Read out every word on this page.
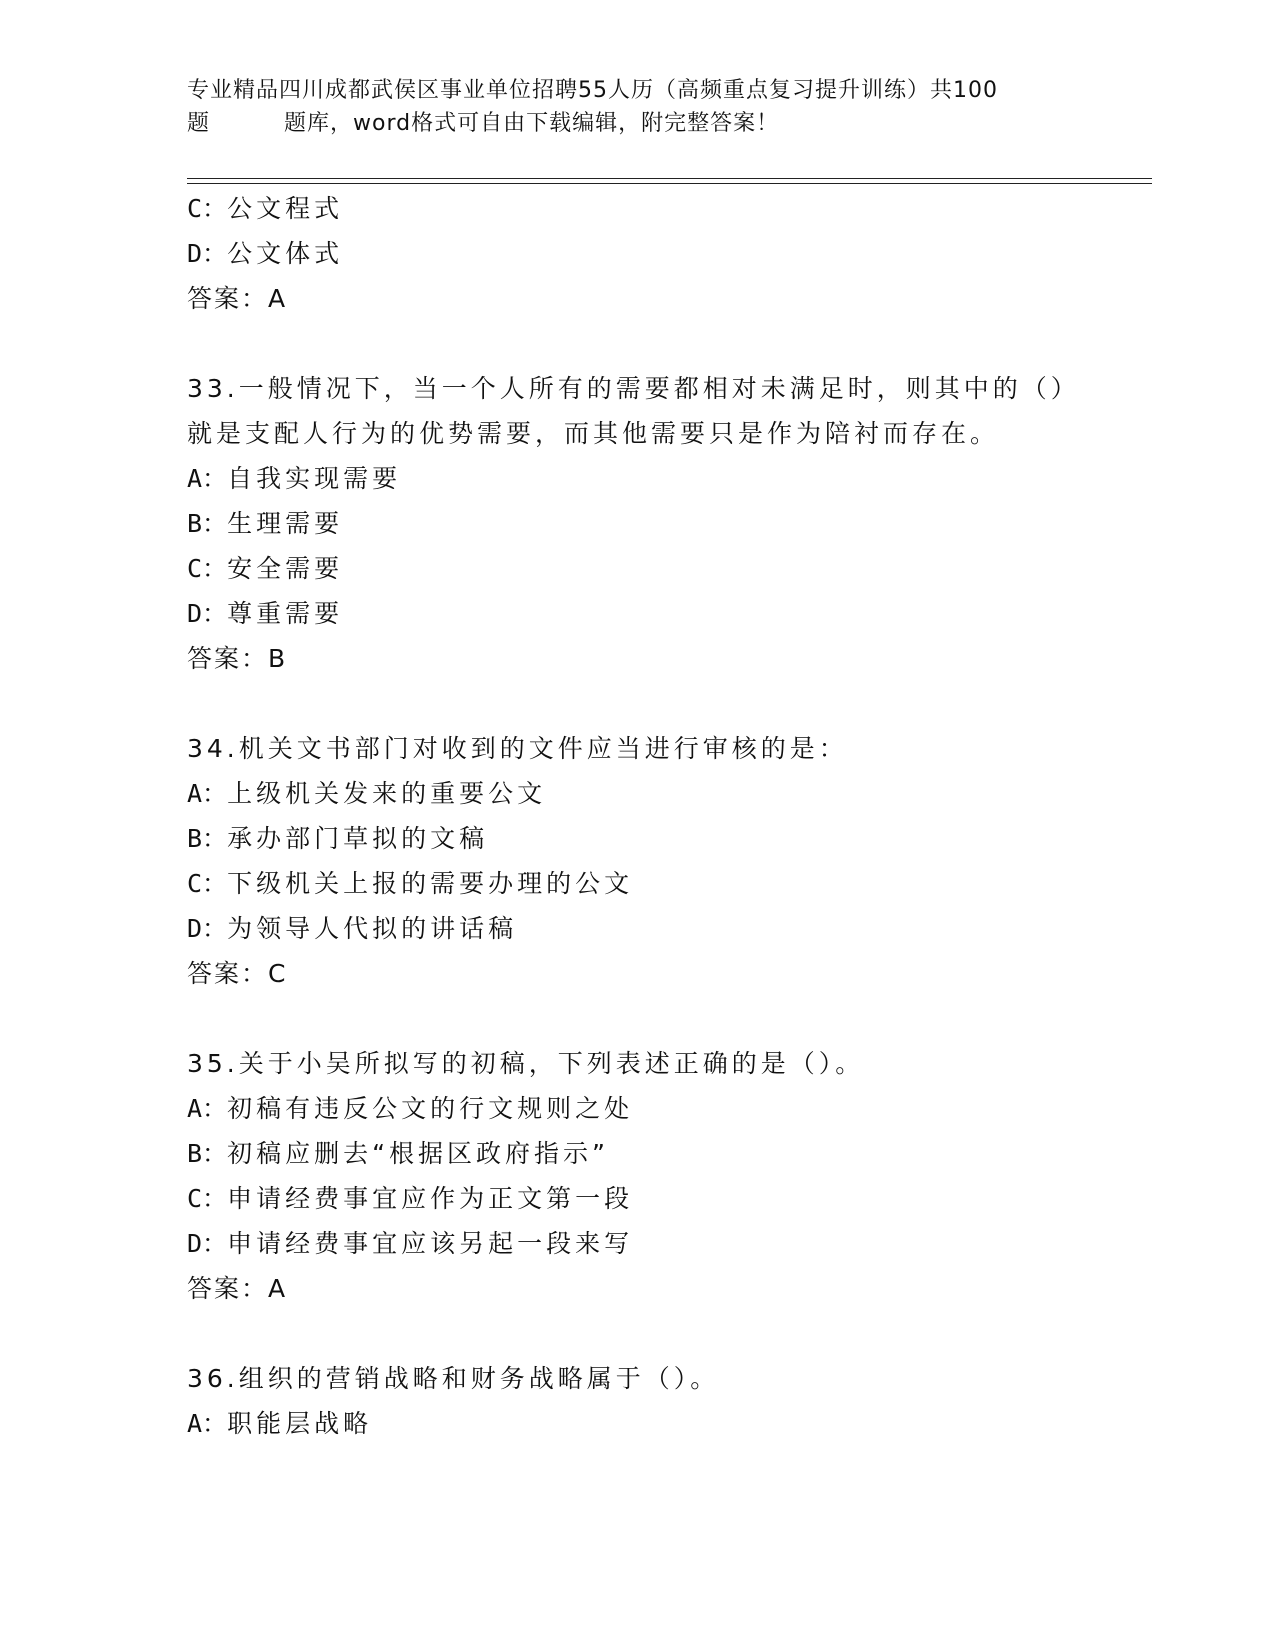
专业精品四川成都武侯区事业单位招聘55人历（高频重点复习提升训练）共100
题	题库，word格式可自由下载编辑，附完整答案！
C：公文程式
D：公文体式
答案：A
33.一般情况下，当一个人所有的需要都相对未满足时，则其中的（）
就是支配人行为的优势需要，而其他需要只是作为陪衬而存在。
A：自我实现需要
B：生理需要
C：安全需要
D：尊重需要
答案：B
34.机关文书部门对收到的文件应当进行审核的是：
A：上级机关发来的重要公文
B：承办部门草拟的文稿
C：下级机关上报的需要办理的公文
D：为领导人代拟的讲话稿
答案：C
35.关于小吴所拟写的初稿，下列表述正确的是（）。
A：初稿有违反公文的行文规则之处
B：初稿应删去“根据区政府指示”
C：申请经费事宜应作为正文第一段
D：申请经费事宜应该另起一段来写
答案：A
36.组织的营销战略和财务战略属于（）。
A：职能层战略
